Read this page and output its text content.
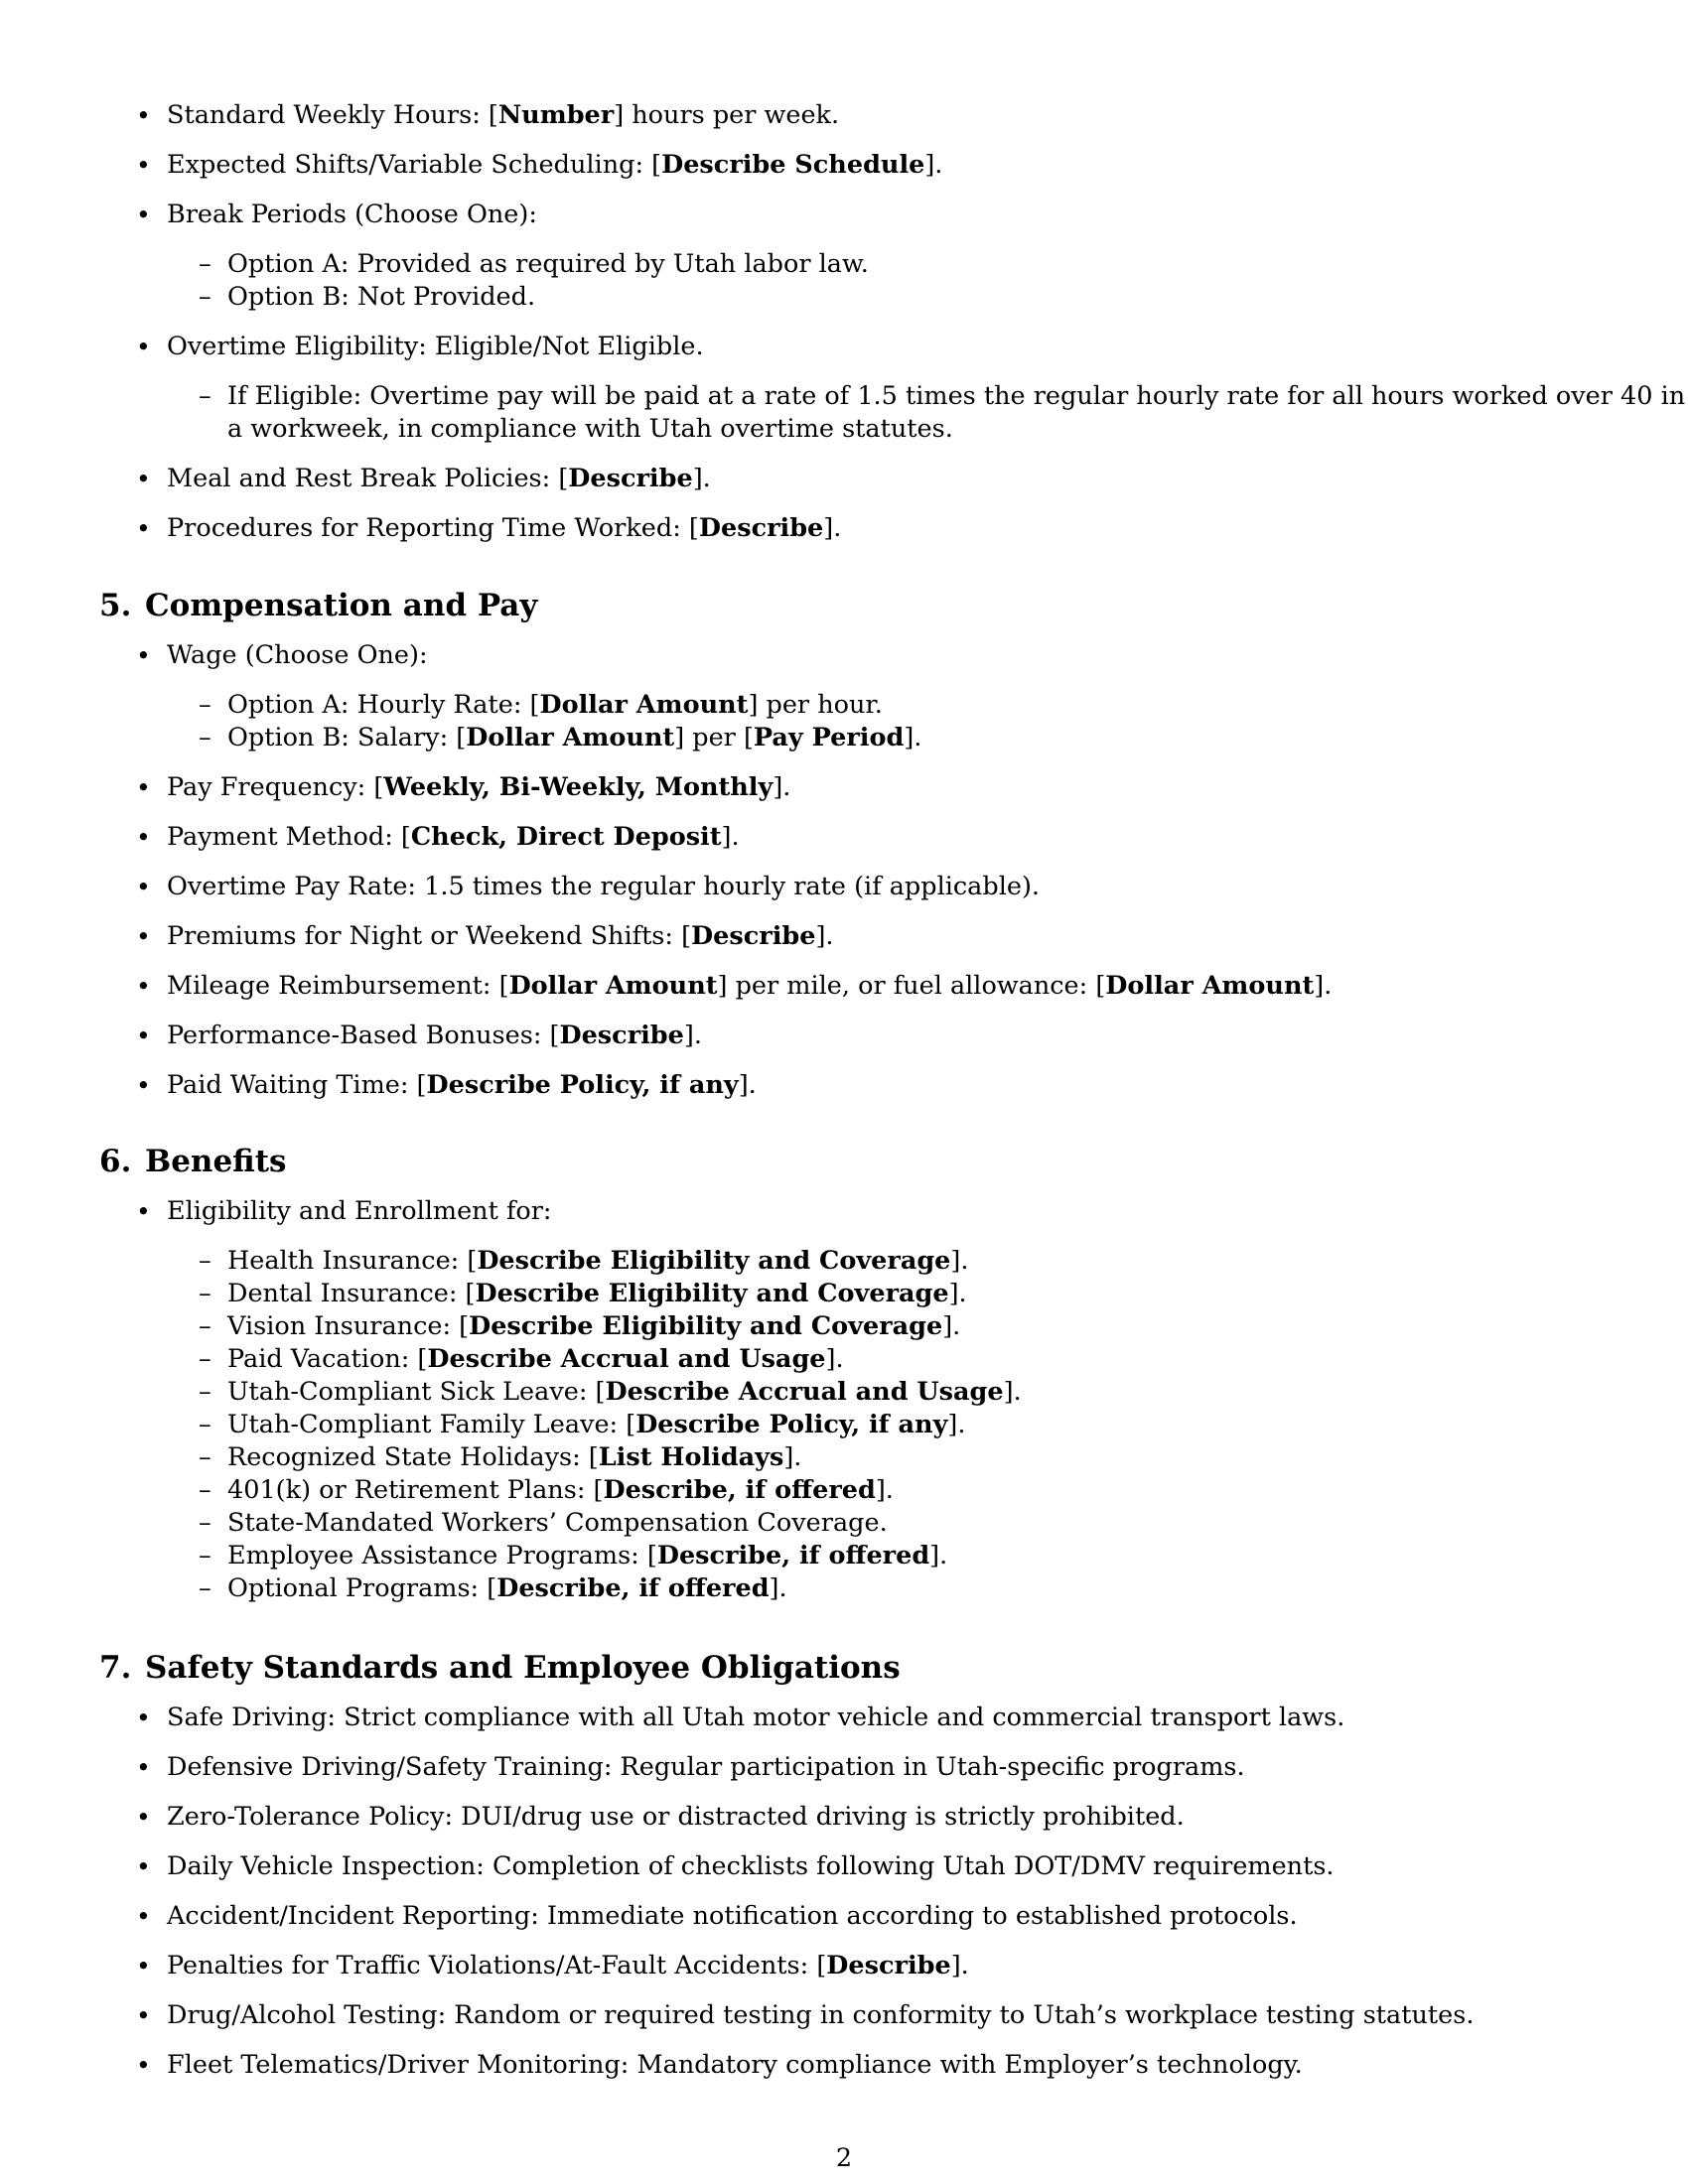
• Standard Weekly Hours: [Number] hours per week.
• Expected Shifts/Variable Scheduling: [Describe Schedule].
• Break Periods (Choose One):
– Option A: Provided as required by Utah labor law.
– Option B: Not Provided.
• Overtime Eligibility: Eligible/Not Eligible.
– If Eligible: Overtime pay will be paid at a rate of 1.5 times the regular hourly rate for all hours worked over 40 in
a workweek, in compliance with Utah overtime statutes.
• Meal and Rest Break Policies: [Describe].
• Procedures for Reporting Time Worked: [Describe].
5. Compensation and Pay
• Wage (Choose One):
– Option A: Hourly Rate: [Dollar Amount] per hour.
– Option B: Salary: [Dollar Amount] per [Pay Period].
• Pay Frequency: [Weekly, Bi-Weekly, Monthly].
• Payment Method: [Check, Direct Deposit].
• Overtime Pay Rate: 1.5 times the regular hourly rate (if applicable).
• Premiums for Night or Weekend Shifts: [Describe].
• Mileage Reimbursement: [Dollar Amount] per mile, or fuel allowance: [Dollar Amount].
• Performance-Based Bonuses: [Describe].
• Paid Waiting Time: [Describe Policy, if any].
6. Benefits
• Eligibility and Enrollment for:
– Health Insurance: [Describe Eligibility and Coverage].
– Dental Insurance: [Describe Eligibility and Coverage].
– Vision Insurance: [Describe Eligibility and Coverage].
– Paid Vacation: [Describe Accrual and Usage].
– Utah-Compliant Sick Leave: [Describe Accrual and Usage].
– Utah-Compliant Family Leave: [Describe Policy, if any].
– Recognized State Holidays: [List Holidays].
– 401(k) or Retirement Plans: [Describe, if offered].
– State-Mandated Workers’ Compensation Coverage.
– Employee Assistance Programs: [Describe, if offered].
– Optional Programs: [Describe, if offered].
7. Safety Standards and Employee Obligations
• Safe Driving: Strict compliance with all Utah motor vehicle and commercial transport laws.
• Defensive Driving/Safety Training: Regular participation in Utah-specific programs.
• Zero-Tolerance Policy: DUI/drug use or distracted driving is strictly prohibited.
• Daily Vehicle Inspection: Completion of checklists following Utah DOT/DMV requirements.
• Accident/Incident Reporting: Immediate notification according to established protocols.
• Penalties for Traffic Violations/At-Fault Accidents: [Describe].
• Drug/Alcohol Testing: Random or required testing in conformity to Utah’s workplace testing statutes.
• Fleet Telematics/Driver Monitoring: Mandatory compliance with Employer’s technology.
2
